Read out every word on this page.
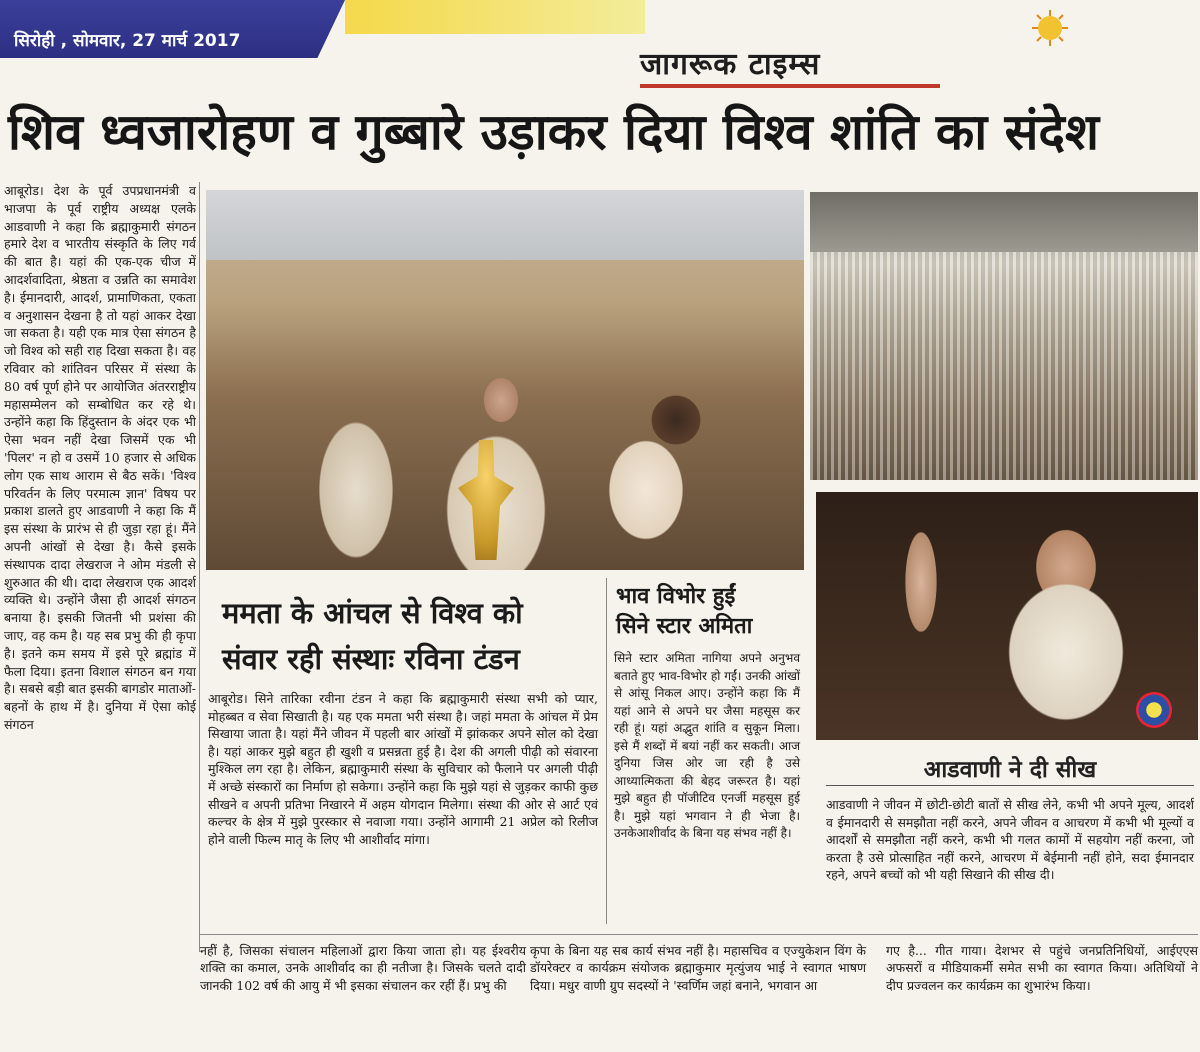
सिरोही , सोमवार, 27 मार्च 2017
जागरूक टाइम्स
शिव ध्वजारोहण व गुब्बारे उड़ाकर दिया विश्व शांति का संदेश
आबूरोड। देश के पूर्व उपप्रधानमंत्री व भाजपा के पूर्व राष्ट्रीय अध्यक्ष एलके आडवाणी ने कहा कि ब्रह्माकुमारी संगठन हमारे देश व भारतीय संस्कृति के लिए गर्व की बात है। यहां की एक-एक चीज में आदर्शवादिता, श्रेष्ठता व उन्नति का समावेश है। ईमानदारी, आदर्श, प्रामाणिकता, एकता व अनुशासन देखना है तो यहां आकर देखा जा सकता है। यही एक मात्र ऐसा संगठन है जो विश्व को सही राह दिखा सकता है। वह रविवार को शांतिवन परिसर में संस्था के 80 वर्ष पूर्ण होने पर आयोजित अंतरराष्ट्रीय महासम्मेलन को सम्बोधित कर रहे थे। उन्होंने कहा कि हिंदुस्तान के अंदर एक भी ऐसा भवन नहीं देखा जिसमें एक भी 'पिलर' न हो व उसमें 10 हजार से अधिक लोग एक साथ आराम से बैठ सकें। 'विश्व परिवर्तन के लिए परमात्म ज्ञान' विषय पर प्रकाश डालते हुए आडवाणी ने कहा कि मैं इस संस्था के प्रारंभ से ही जुड़ा रहा हूं। मैंने अपनी आंखों से देखा है। कैसे इसके संस्थापक दादा लेखराज ने ओम मंडली से शुरुआत की थी। दादा लेखराज एक आदर्श व्यक्ति थे। उन्होंने जैसा ही आदर्श संगठन बनाया है। इसकी जितनी भी प्रशंसा की जाए, वह कम है। यह सब प्रभु की ही कृपा है। इतने कम समय में इसे पूरे ब्रह्मांड में फैला दिया। इतना विशाल संगठन बन गया है। सबसे बड़ी बात इसकी बागडोर माताओं-बहनों के हाथ में है। दुनिया में ऐसा कोई संगठन
ममता के आंचल से विश्व को
संवार रही संस्थाः रविना टंडन
आबूरोड। सिने तारिका रवीना टंडन ने कहा कि ब्रह्माकुमारी संस्था सभी को प्यार, मोहब्बत व सेवा सिखाती है। यह एक ममता भरी संस्था है। जहां ममता के आंचल में प्रेम सिखाया जाता है। यहां मैंने जीवन में पहली बार आंखों में झांककर अपने सोल को देखा है। यहां आकर मुझे बहुत ही खुशी व प्रसन्नता हुई है। देश की अगली पीढ़ी को संवारना मुश्किल लग रहा है। लेकिन, ब्रह्माकुमारी संस्था के सुविचार को फैलाने पर अगली पीढ़ी में अच्छे संस्कारों का निर्माण हो सकेगा। उन्होंने कहा कि मुझे यहां से जुड़कर काफी कुछ सीखने व अपनी प्रतिभा निखारने में अहम योगदान मिलेगा। संस्था की ओर से आर्ट एवं कल्चर के क्षेत्र में मुझे पुरस्कार से नवाजा गया। उन्होंने आगामी 21 अप्रेल को रिलीज होने वाली फिल्म मातृ के लिए भी आशीर्वाद मांगा।
भाव विभोर हुईं
सिने स्टार अमिता
सिने स्टार अमिता नागिया अपने अनुभव बताते हुए भाव-विभोर हो गईं। उनकी आंखों से आंसू निकल आए। उन्होंने कहा कि मैं यहां आने से अपने घर जैसा महसूस कर रही हूं। यहां अद्भुत शांति व सुकून मिला। इसे मैं शब्दों में बयां नहीं कर सकती। आज दुनिया जिस ओर जा रही है उसे आध्यात्मिकता की बेहद जरूरत है। यहां मुझे बहुत ही पॉजीटिव एनर्जी महसूस हुई है। मुझे यहां भगवान ने ही भेजा है। उनकेआशीर्वाद के बिना यह संभव नहीं है।
आडवाणी ने दी सीख
आडवाणी ने जीवन में छोटी-छोटी बातों से सीख लेने, कभी भी अपने मूल्य, आदर्श व ईमानदारी से समझौता नहीं करने, अपने जीवन व आचरण में कभी भी मूल्यों व आदर्शों से समझौता नहीं करने, कभी भी गलत कामों में सहयोग नहीं करना, जो करता है उसे प्रोत्साहित नहीं करने, आचरण में बेईमानी नहीं होने, सदा ईमानदार रहने, अपने बच्चों को भी यही सिखाने की सीख दी।
नहीं है, जिसका संचालन महिलाओं द्वारा किया जाता हो। यह ईश्वरीय शक्ति का कमाल, उनके आशीर्वाद का ही नतीजा है। जिसके चलते दादी जानकी 102 वर्ष की आयु में भी इसका संचालन कर रहीं हैं। प्रभु की
कृपा के बिना यह सब कार्य संभव नहीं है। महासचिव व एज्युकेशन विंग के डॉयरेक्टर व कार्यक्रम संयोजक ब्रह्माकुमार मृत्युंजय भाई ने स्वागत भाषण दिया। मधुर वाणी ग्रुप सदस्यों ने 'स्वर्णिम जहां बनाने, भगवान आ
गए है... गीत गाया। देशभर से पहुंचे जनप्रतिनिधियों, आईएएस अफसरों व मीडियाकर्मी समेत सभी का स्वागत किया। अतिथियों ने दीप प्रज्वलन कर कार्यक्रम का शुभारंभ किया।
